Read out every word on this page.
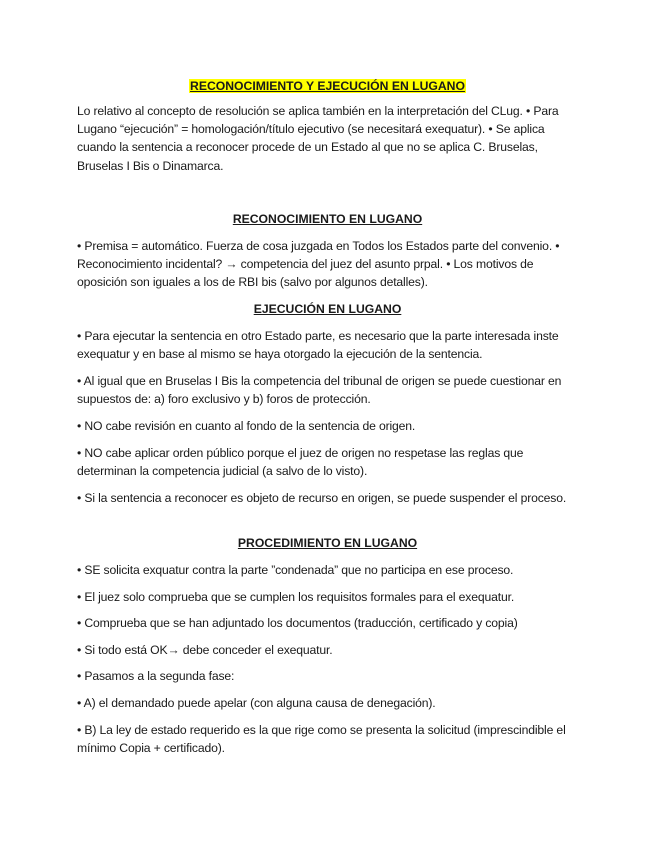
RECONOCIMIENTO Y EJECUCIÓN EN LUGANO

Lo relativo al concepto de resolución se aplica también en la interpretación del CLug. • Para Lugano “ejecución” = homologación/título ejecutivo (se necesitará exequatur). • Se aplica cuando la sentencia a reconocer procede de un Estado al que no se aplica C. Bruselas, Bruselas I Bis o Dinamarca.

RECONOCIMIENTO EN LUGANO

• Premisa = automático. Fuerza de cosa juzgada en Todos los Estados parte del convenio. • Reconocimiento incidental? → competencia del juez del asunto prpal. • Los motivos de oposición son iguales a los de RBI bis (salvo por algunos detalles).

EJECUCIÓN EN LUGANO

• Para ejecutar la sentencia en otro Estado parte, es necesario que la parte interesada inste exequatur y en base al mismo se haya otorgado la ejecución de la sentencia.

• Al igual que en Bruselas I Bis la competencia del tribunal de origen se puede cuestionar en supuestos de: a) foro exclusivo y b) foros de protección.

• NO cabe revisión en cuanto al fondo de la sentencia de origen.

• NO cabe aplicar orden público porque el juez de origen no respetase las reglas que determinan la competencia judicial (a salvo de lo visto).

• Si la sentencia a reconocer es objeto de recurso en origen, se puede suspender el proceso.

PROCEDIMIENTO EN LUGANO

• SE solicita exquatur contra la parte ”condenada” que no participa en ese proceso.

• El juez solo comprueba que se cumplen los requisitos formales para el exequatur.

• Comprueba que se han adjuntado los documentos (traducción, certificado y copia)

• Si todo está OK→ debe conceder el exequatur.

• Pasamos a la segunda fase:

• A) el demandado puede apelar (con alguna causa de denegación).

• B) La ley de estado requerido es la que rige como se presenta la solicitud (imprescindible el mínimo Copia + certificado).
